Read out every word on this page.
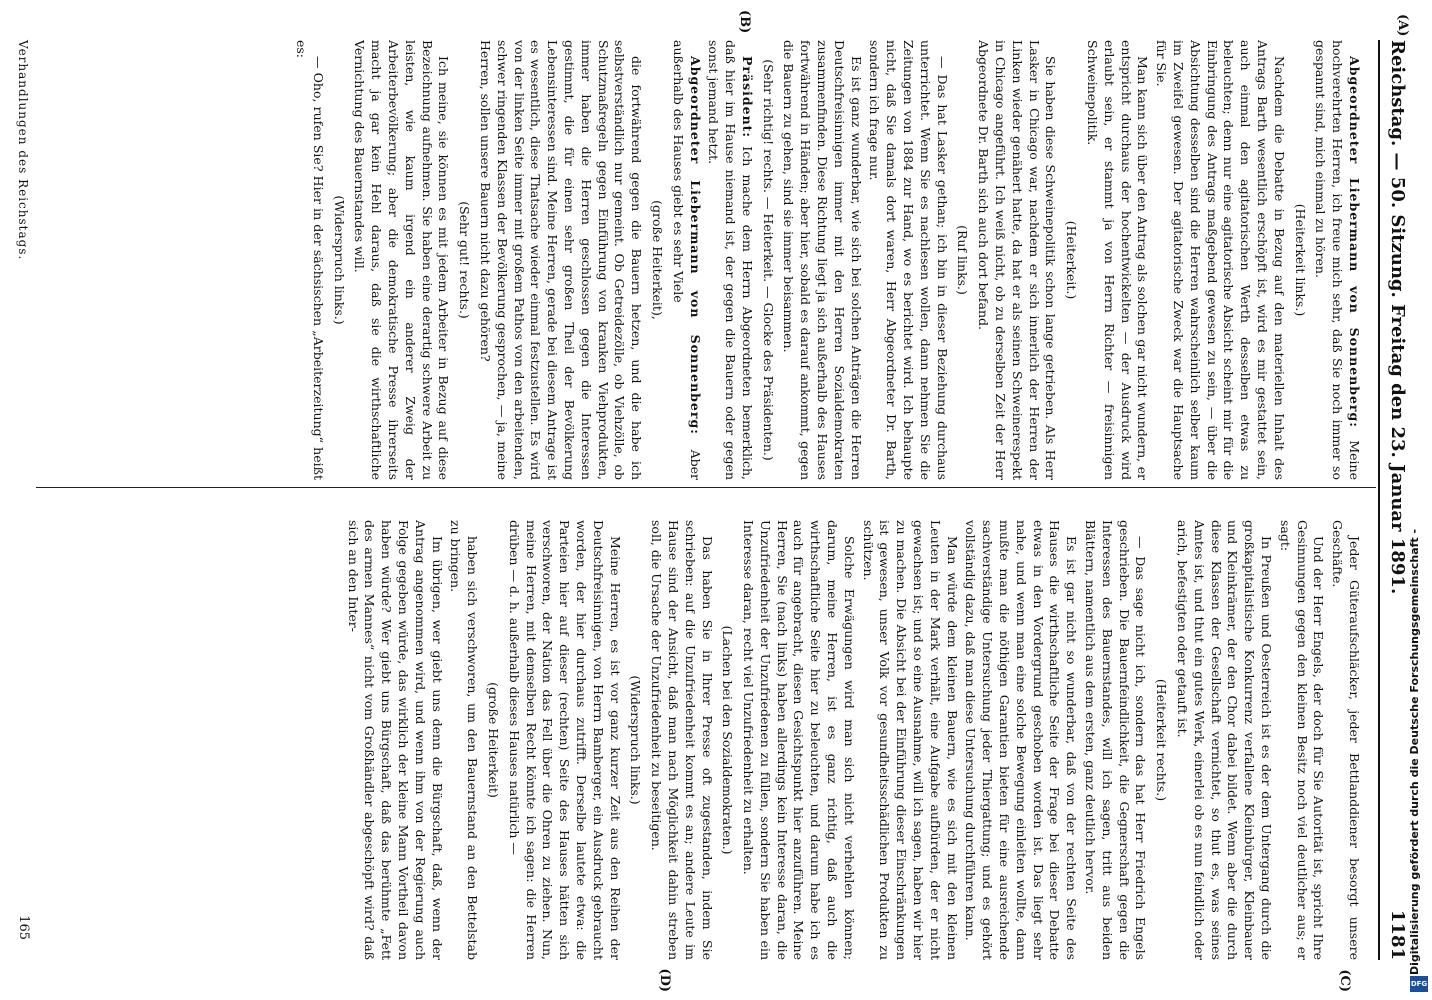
Reichstag. — 50. Sitzung. Freitag den 23. Januar 1891.
1181
(A)
(B)
(C)
(D)

Abgeordneter Liebermann von Sonnenberg: Meine hochverehrten Herren, ich freue mich sehr, daß Sie noch immer so gespannt sind, mich einmal zu hören.

(Heiterkeit links.)

Nachdem die Debatte in Bezug auf den materiellen Inhalt des Antrags Barth wesentlich erschöpft ist, wird es mir gestattet sein, auch einmal den agitatorischen Werth desselben etwas zu beleuchten; denn nur eine agitatorische Absicht scheint mir für die Einbringung des Antrags maßgebend gewesen zu sein, — über die Absichtung desselben sind die Herren wahrscheinlich selber kaum im Zweifel gewesen. Der agitatorische Zweck war die Hauptsache für Sie.

Man kann sich über den Antrag als solchen gar nicht wundern, er entspricht durchaus der hochentwickelten — der Ausdruck wird erlaubt sein, er stammt ja von Herrn Richter — freisinnigen Schweinepolitik.

(Heiterkeit.)

Sie haben diese Schweinepolitik schon lange getrieben. Als Herr Lasker in Chicago war, nachdem er sich innerlich der Herren der Linken wieder genähert hatte, da hat er als seinen Schweinerespekt in Chicago angeführt. Ich weiß nicht, ob zu derselben Zeit der Herr Abgeordnete Dr. Barth sich auch dort befand.

(Ruf links.)

— Das hat Lasker gethan; ich bin in dieser Beziehung durchaus unterrichtet. Wenn Sie es nachlesen wollen, dann nehmen Sie die Zeitungen von 1884 zur Hand, wo es berichtet wird. Ich behaupte nicht, daß Sie damals dort waren, Herr Abgeordneter Dr. Barth, sondern ich frage nur.

Es ist ganz wunderbar, wie sich bei solchen Anträgen die Herren Deutschfreisinnigen immer mit den Herren Sozialdemokraten zusammenfinden. Diese Richtung liegt ja sich außerhalb des Hauses fortwährend in Händen; aber hier, sobald es darauf ankommt, gegen die Bauern zu gehen, sind sie immer beisammen.

(Sehr richtig! rechts. — Heiterkeit. — Glocke des Präsidenten.)

Präsident: Ich mache dem Herrn Abgeordneten bemerklich, daß hier im Hause niemand ist, der gegen die Bauern oder gegen sonst jemand hetzt.

Abgeordneter Liebermann von Sonnenberg: Aber außerhalb des Hauses giebt es sehr Viele

(große Heiterkeit),

die fortwährend gegen die Bauern hetzen, und die habe ich selbstverständlich nur gemeint. Ob Getreidezölle, ob Viehzölle, ob Schutzmaßregeln gegen Einführung von kranken Viehprodukten, immer haben die Herren geschlossen gegen die Interessen gestimmt, die für einen sehr großen Theil der Bevölkerung Lebensinteressen sind. Meine Herren, gerade bei diesem Antrage ist es wesentlich, diese Thatsache wieder einmal festzustellen. Es wird von der linken Seite immer mit großem Pathos von den arbeitenden, schwer ringenden Klassen der Bevölkerung gesprochen, — ja, meine Herren, sollen unsere Bauern nicht dazu gehören?

(Sehr gut! rechts.)

Ich meine, sie können es mit jedem Arbeiter in Bezug auf diese Bezeichnung aufnehmen. Sie haben eine derartig schwere Arbeit zu leisten, wie kaum irgend ein anderer Zweig der Arbeiterbevölkerung; aber die demokratische Presse ihrerseits macht ja gar kein Hehl daraus, daß sie die wirthschaftliche Vernichtung des Bauernstandes will.

(Widerspruch links.)

— Oho, rufen Sie? Hier in der sächsischen „Arbeiterzeitung“ heißt es:

Jeder Güteraufschläcker, jeder Bettlanddiener besorgt unsere Geschäfte.

Und der Herr Engels, der doch für Sie Autorität ist, spricht Ihre Gesinnungen gegen den kleinen Besitz noch viel deutlicher aus; er sagt:

In Preußen und Oesterreich ist es der dem Untergang durch die großkapitalistische Konkurrenz verfallene Kleinbürger, Kleinbauer und Kleinkrämer, der den Chor dabei bildet. Wenn aber die durch diese Klassen der Gesellschaft vernichtet, so thut es, was seines Amtes ist, und thut ein gutes Werk, einerlei ob es nun feindlich oder arich, befestigten oder getauft ist.

(Heiterkeit rechts.)

— Das sage nicht ich, sondern das hat Herr Friedrich Engels geschrieben. Die Bauernfeindlichkeit, die Gegnerschaft gegen die Interessen des Bauernstandes, will ich sagen, tritt aus beiden Blättern, namentlich aus dem ersten, ganz deutlich hervor.

Es ist gar nicht so wunderbar, daß von der rechten Seite des Hauses die wirthschaftliche Seite der Frage bei dieser Debatte etwas in den Vordergrund geschoben worden ist. Das liegt sehr nahe, und wenn man eine solche Bewegung einleiten wollte, dann mußte man die nöthigen Garantien bieten für eine ausreichende sachverständige Untersuchung jeder Thiergattung; und es gehört vollständig dazu, daß man diese Untersuchung durchführen kann.

Man würde dem kleinen Bauern, wie es sich mit den kleinen Leuten in der Mark verhält, eine Aufgabe aufbürden, der er nicht gewachsen ist; und so eine Ausnahme, will ich sagen, haben wir hier zu machen. Die Absicht bei der Einführung dieser Einschränkungen ist gewesen, unser Volk vor gesundheitsschädlichen Produkten zu schützen.

Solche Erwägungen wird man sich nicht verhehlen können; darum, meine Herren, ist es ganz richtig, daß auch die wirthschaftliche Seite hier zu beleuchten, und darum habe ich es auch für angebracht, diesen Gesichtspunkt hier anzuführen. Meine Herren, Sie (nach links) haben allerdings kein Interesse daran, die Unzufriedenheit der Unzufriedenen zu füllen, sondern Sie haben ein Interesse daran, recht viel Unzufriedenheit zu erhalten.

(Lachen bei den Sozialdemokraten.)

Das haben Sie in Ihrer Presse oft zugestanden, indem Sie schrieben: auf die Unzufriedenheit kommt es an; andere Leute im Hause sind der Ansicht, daß man nach Möglichkeit dahin streben soll, die Ursache der Unzufriedenheit zu beseitigen.

(Widerspruch links.)

Meine Herren, es ist vor ganz kurzer Zeit aus den Reihen der Deutschfreisinnigen, von Herrn Bamberger, ein Ausdruck gebraucht worden, der hier durchaus zutrifft. Derselbe lautete etwa: die Parteien hier auf dieser (rechten) Seite des Hauses hätten sich verschworen, der Nation das Fell über die Ohren zu ziehen. Nun, meine Herren, mit demselben Recht könnte ich sagen: die Herren drüben — d. h. außerhalb dieses Hauses natürlich —

(große Heiterkeit)

haben sich verschworen, um den Bauernstand an den Bettelstab zu bringen.

Im übrigen, wer giebt uns denn die Bürgschaft, daß, wenn der Antrag angenommen wird, und wenn ihm von der Regierung auch Folge gegeben würde, das wirklich der kleine Mann Vortheil davon haben würde? Wer giebt uns Bürgschaft, daß das berühmte „Fett des armen Mannes“ nicht vom Großhändler abgeschöpft wird? daß sich an den Inter-

Verhandlungen des Reichstags.
165	Digitalisierung gefördert durch die Deutsche Forschungsgemeinschaft -
DFG
